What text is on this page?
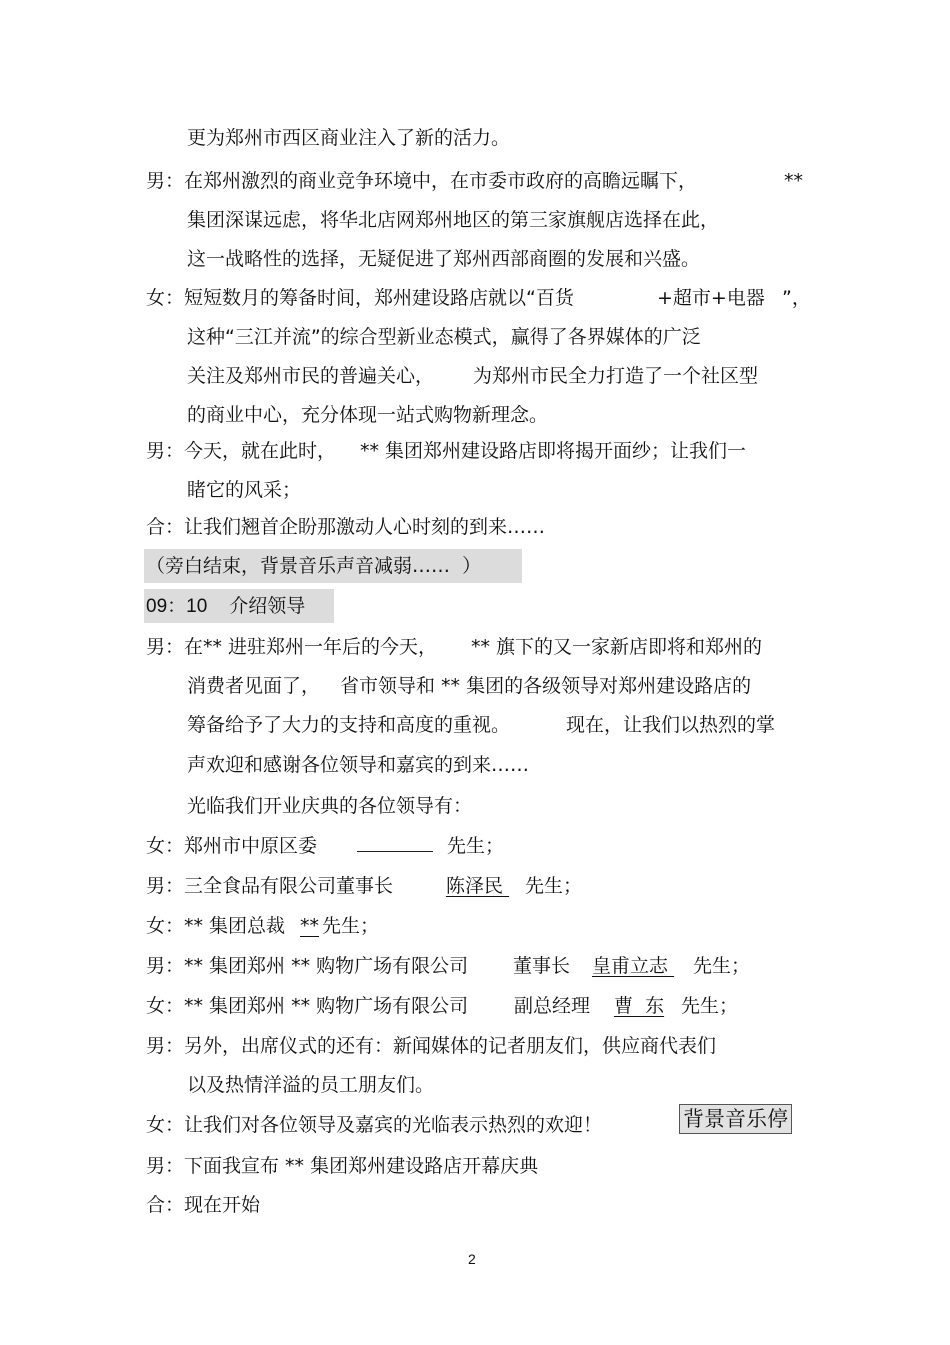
更为郑州市西区商业注入了新的活力。
男：在郑州激烈的商业竞争环境中，在市委市政府的高瞻远瞩下，	**
集团深谋远虑，将华北店网郑州地区的第三家旗舰店选择在此，
这一战略性的选择，无疑促进了郑州西部商圈的发展和兴盛。
女：短短数月的筹备时间，郑州建设路店就以“百货	+超市+电器 ”，
这种“三江并流”的综合型新业态模式，赢得了各界媒体的广泛
关注及郑州市民的普遍关心， 为郑州市民全力打造了一个社区型
的商业中心，充分体现一站式购物新理念。
男：今天，就在此时， ** 集团郑州建设路店即将揭开面纱；让我们一
睹它的风采；
合：让我们翘首企盼那激动人心时刻的到来……
（旁白结束，背景音乐声音减弱……  ）
09：10 介绍领导
男：在** 进驻郑州一年后的今天， ** 旗下的又一家新店即将和郑州的
消费者见面了， 省市领导和 ** 集团的各级领导对郑州建设路店的
筹备给予了大力的支持和高度的重视。	现在，让我们以热烈的掌
声欢迎和感谢各位领导和嘉宾的到来……
光临我们开业庆典的各位领导有：
女：郑州市中原区委	先生；
男：三全食品有限公司董事长	陈泽民 先生；
女：** 集团总裁 ** 先生；
男：** 集团郑州 ** 购物广场有限公司 董事长 皇甫立志 先生；
女：** 集团郑州 ** 购物广场有限公司 副总经理 曹  东 先生；
男：另外，出席仪式的还有：新闻媒体的记者朋友们，供应商代表们
以及热情洋溢的员工朋友们。
女：让我们对各位领导及嘉宾的光临表示热烈的欢迎！	背景音乐停
男：下面我宣布 ** 集团郑州建设路店开幕庆典
合：现在开始
2
